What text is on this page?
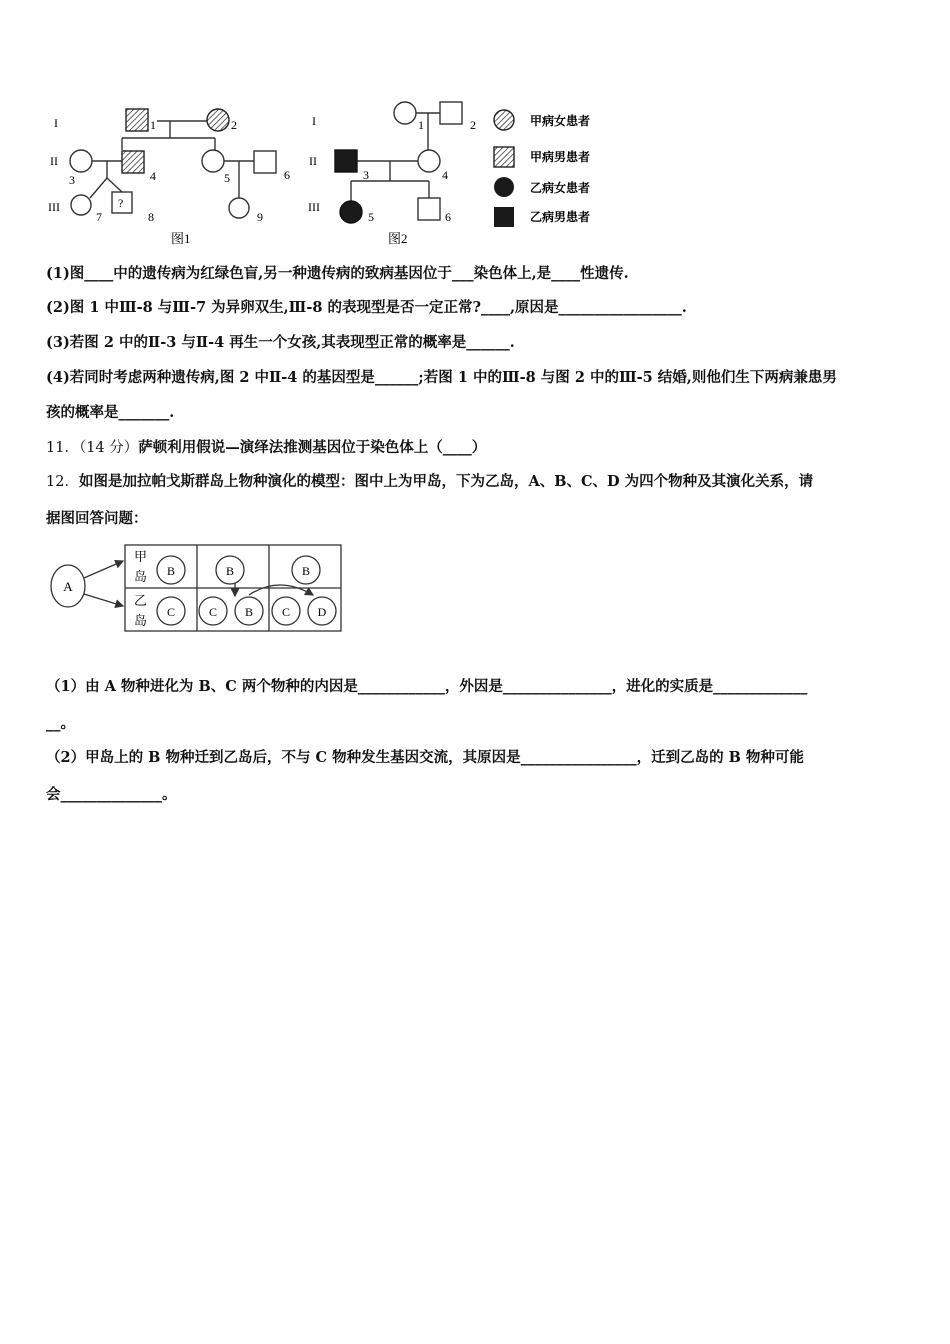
I
II
III
I
II
III
?
1	2
3	4	5	6
7	8	9
图1
1	2
3	4
5	6
图2
甲病女患者
甲病男患者
乙病女患者
乙病男患者
(1)图____中的遗传病为红绿色盲,另一种遗传病的致病基因位于___染色体上,是____性遗传.
(2)图 1 中Ⅲ-8 与Ⅲ-7 为异卵双生,Ⅲ-8 的表现型是否一定正常?____,原因是_________________.
(3)若图 2 中的Ⅱ-3 与Ⅱ-4 再生一个女孩,其表现型正常的概率是______.
(4)若同时考虑两种遗传病,图 2 中Ⅱ-4 的基因型是______;若图 1 中的Ⅲ-8 与图 2 中的Ⅲ-5 结婚,则他们生下两病兼患男
孩的概率是_______.
11．（14 分）萨顿利用假说—演绎法推测基因位于染色体上（____）
12．如图是加拉帕戈斯群岛上物种演化的模型：图中上为甲岛，下为乙岛，A、B、C、D 为四个物种及其演化关系，请
据图回答问题：
A
甲
岛
乙
岛
B	B	B
C	C B C D
（1）由 A 物种进化为 B、C 两个物种的内因是____________，外因是_______________，进化的实质是_____________
__。
（2）甲岛上的 B 物种迁到乙岛后，不与 C 物种发生基因交流，其原因是________________，迁到乙岛的 B 物种可能
会______________。
